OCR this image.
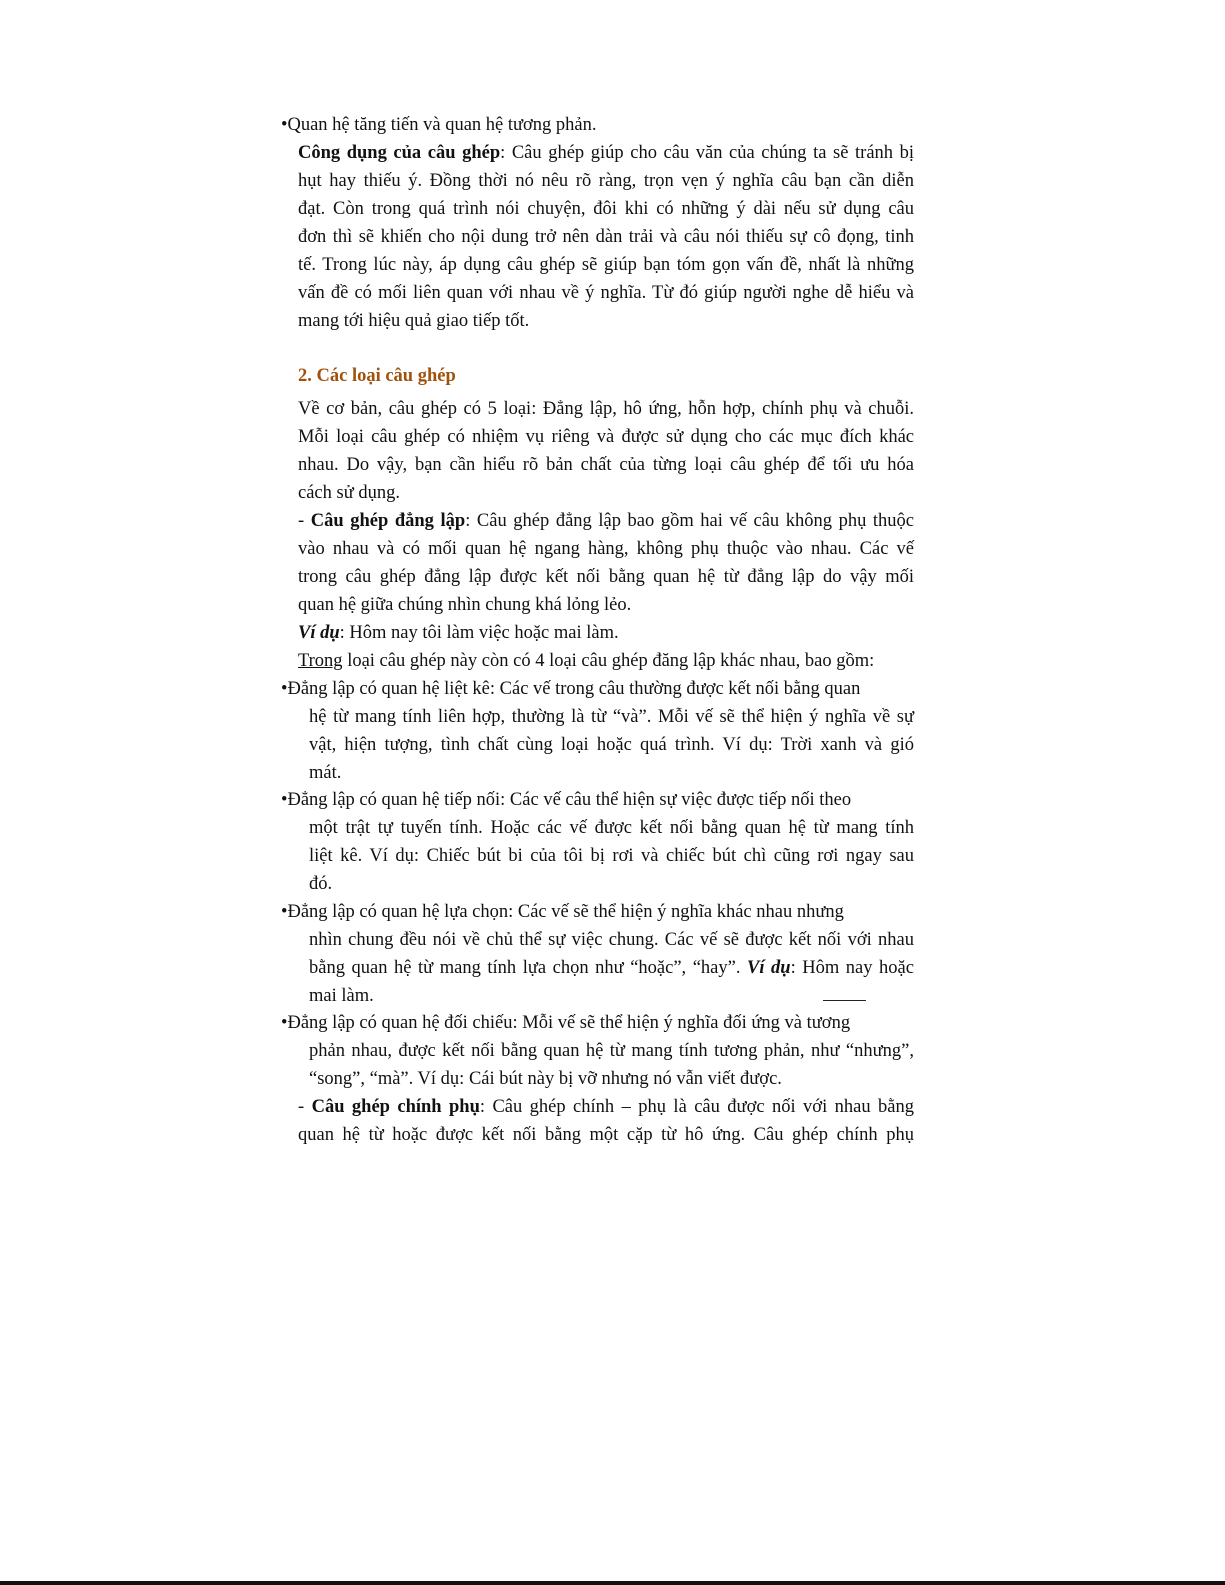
•Quan hệ tăng tiến và quan hệ tương phản.
Công dụng của câu ghép: Câu ghép giúp cho câu văn của chúng ta sẽ tránh bị
hụt hay thiếu ý. Đồng thời nó nêu rõ ràng, trọn vẹn ý nghĩa câu bạn cần diễn
đạt. Còn trong quá trình nói chuyện, đôi khi có những ý dài nếu sử dụng câu
đơn thì sẽ khiến cho nội dung trở nên dàn trải và câu nói thiếu sự cô đọng, tinh
tế. Trong lúc này, áp dụng câu ghép sẽ giúp bạn tóm gọn vấn đề, nhất là những
vấn đề có mối liên quan với nhau về ý nghĩa. Từ đó giúp người nghe dễ hiểu và
mang tới hiệu quả giao tiếp tốt.
2. Các loại câu ghép
Về cơ bản, câu ghép có 5 loại: Đẳng lập, hô ứng, hỗn hợp, chính phụ và chuỗi.
Mỗi loại câu ghép có nhiệm vụ riêng và được sử dụng cho các mục đích khác
nhau. Do vậy, bạn cần hiểu rõ bản chất của từng loại câu ghép để tối ưu hóa
cách sử dụng.
- Câu ghép đẳng lập: Câu ghép đẳng lập bao gồm hai vế câu không phụ thuộc
vào nhau và có mối quan hệ ngang hàng, không phụ thuộc vào nhau. Các vế
trong câu ghép đẳng lập được kết nối bằng quan hệ từ đẳng lập do vậy mối
quan hệ giữa chúng nhìn chung khá lỏng lẻo.
Ví dụ: Hôm nay tôi làm việc hoặc mai làm.
Trong loại câu ghép này còn có 4 loại câu ghép đăng lập khác nhau, bao gồm:
•Đẳng lập có quan hệ liệt kê: Các vế trong câu thường được kết nối bằng quan
hệ từ mang tính liên hợp, thường là từ “và”. Mỗi vế sẽ thể hiện ý nghĩa về sự
vật, hiện tượng, tình chất cùng loại hoặc quá trình. Ví dụ: Trời xanh và gió
mát.
•Đẳng lập có quan hệ tiếp nối: Các vế câu thể hiện sự việc được tiếp nối theo
một trật tự tuyến tính. Hoặc các vế được kết nối bằng quan hệ từ mang tính
liệt kê. Ví dụ: Chiếc bút bi của tôi bị rơi và chiếc bút chì cũng rơi ngay sau
đó.
•Đẳng lập có quan hệ lựa chọn: Các vế sẽ thể hiện ý nghĩa khác nhau nhưng
nhìn chung đều nói về chủ thể sự việc chung. Các vế sẽ được kết nối với nhau
bằng quan hệ từ mang tính lựa chọn như “hoặc”, “hay”. Ví dụ: Hôm nay hoặc
mai làm.
•Đẳng lập có quan hệ đối chiếu: Mỗi vế sẽ thể hiện ý nghĩa đối ứng và tương
phản nhau, được kết nối bằng quan hệ từ mang tính tương phản, như “nhưng”,
“song”, “mà”. Ví dụ: Cái bút này bị vỡ nhưng nó vẫn viết được.
- Câu ghép chính phụ: Câu ghép chính – phụ là câu được nối với nhau bằng
quan hệ từ hoặc được kết nối bằng một cặp từ hô ứng. Câu ghép chính phụ
